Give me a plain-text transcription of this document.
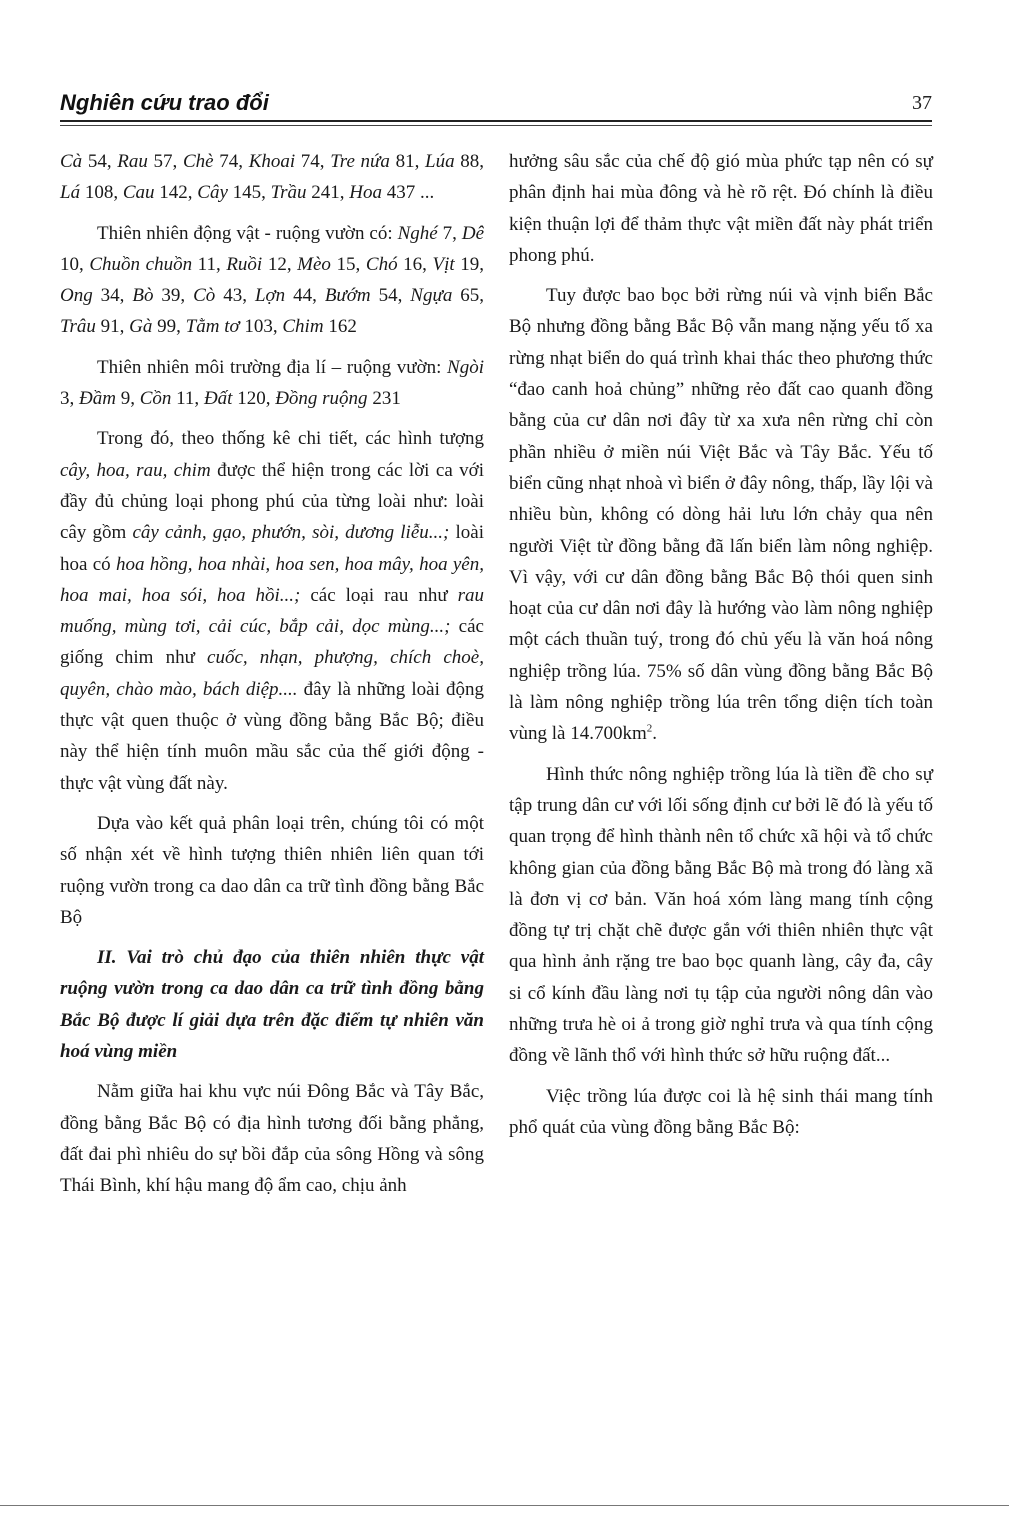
Nghiên cứu trao đổi	37

Cà 54, Rau 57, Chè 74, Khoai 74, Tre nứa 81, Lúa 88, Lá 108, Cau 142, Cây 145, Trầu 241, Hoa 437 ...

Thiên nhiên động vật - ruộng vườn có: Nghé 7, Dê 10, Chuồn chuồn 11, Ruồi 12, Mèo 15, Chó 16, Vịt 19, Ong 34, Bò 39, Cò 43, Lợn 44, Bướm 54, Ngựa 65, Trâu 91, Gà 99, Tằm tơ 103, Chim 162

Thiên nhiên môi trường địa lí – ruộng vườn: Ngòi 3, Đầm 9, Cồn 11, Đất 120, Đồng ruộng 231

Trong đó, theo thống kê chi tiết, các hình tượng cây, hoa, rau, chim được thể hiện trong các lời ca với đầy đủ chủng loại phong phú của từng loài như: loài cây gồm cây cảnh, gạo, phướn, sòi, dương liễu...; loài hoa có hoa hồng, hoa nhài, hoa sen, hoa mây, hoa yên, hoa mai, hoa sói, hoa hồi...; các loại rau như rau muống, mùng tơi, cải cúc, bắp cải, dọc mùng...; các giống chim như cuốc, nhạn, phượng, chích choè, quyên, chào mào, bách diệp.... đây là những loài động thực vật quen thuộc ở vùng đồng bằng Bắc Bộ; điều này thể hiện tính muôn mầu sắc của thế giới động - thực vật vùng đất này.

Dựa vào kết quả phân loại trên, chúng tôi có một số nhận xét về hình tượng thiên nhiên liên quan tới ruộng vườn trong ca dao dân ca trữ tình đồng bằng Bắc Bộ

II. Vai trò chủ đạo của thiên nhiên thực vật ruộng vườn trong ca dao dân ca trữ tình đồng bằng Bắc Bộ được lí giải dựa trên đặc điểm tự nhiên văn hoá vùng miền

Nằm giữa hai khu vực núi Đông Bắc và Tây Bắc, đồng bằng Bắc Bộ có địa hình tương đối bằng phẳng, đất đai phì nhiêu do sự bồi đắp của sông Hồng và sông Thái Bình, khí hậu mang độ ẩm cao, chịu ảnh

hưởng sâu sắc của chế độ gió mùa phức tạp nên có sự phân định hai mùa đông và hè rõ rệt. Đó chính là điều kiện thuận lợi để thảm thực vật miền đất này phát triển phong phú.

Tuy được bao bọc bởi rừng núi và vịnh biển Bắc Bộ nhưng đồng bằng Bắc Bộ vẫn mang nặng yếu tố xa rừng nhạt biển do quá trình khai thác theo phương thức “đao canh hoả chủng” những rẻo đất cao quanh đồng bằng của cư dân nơi đây từ xa xưa nên rừng chỉ còn phần nhiều ở miền núi Việt Bắc và Tây Bắc. Yếu tố biển cũng nhạt nhoà vì biển ở đây nông, thấp, lầy lội và nhiều bùn, không có dòng hải lưu lớn chảy qua nên người Việt từ đồng bằng đã lấn biển làm nông nghiệp. Vì vậy, với cư dân đồng bằng Bắc Bộ thói quen sinh hoạt của cư dân nơi đây là hướng vào làm nông nghiệp một cách thuần tuý, trong đó chủ yếu là văn hoá nông nghiệp trồng lúa. 75% số dân vùng đồng bằng Bắc Bộ là làm nông nghiệp trồng lúa trên tổng diện tích toàn vùng là $14.700km^2$.

Hình thức nông nghiệp trồng lúa là tiền đề cho sự tập trung dân cư với lối sống định cư bởi lẽ đó là yếu tố quan trọng để hình thành nên tổ chức xã hội và tổ chức không gian của đồng bằng Bắc Bộ mà trong đó làng xã là đơn vị cơ bản. Văn hoá xóm làng mang tính cộng đồng tự trị chặt chẽ được gắn với thiên nhiên thực vật qua hình ảnh rặng tre bao bọc quanh làng, cây đa, cây si cổ kính đầu làng nơi tụ tập của người nông dân vào những trưa hè oi ả trong giờ nghỉ trưa và qua tính cộng đồng về lãnh thổ với hình thức sở hữu ruộng đất...

Việc trồng lúa được coi là hệ sinh thái mang tính phổ quát của vùng đồng bằng Bắc Bộ:
